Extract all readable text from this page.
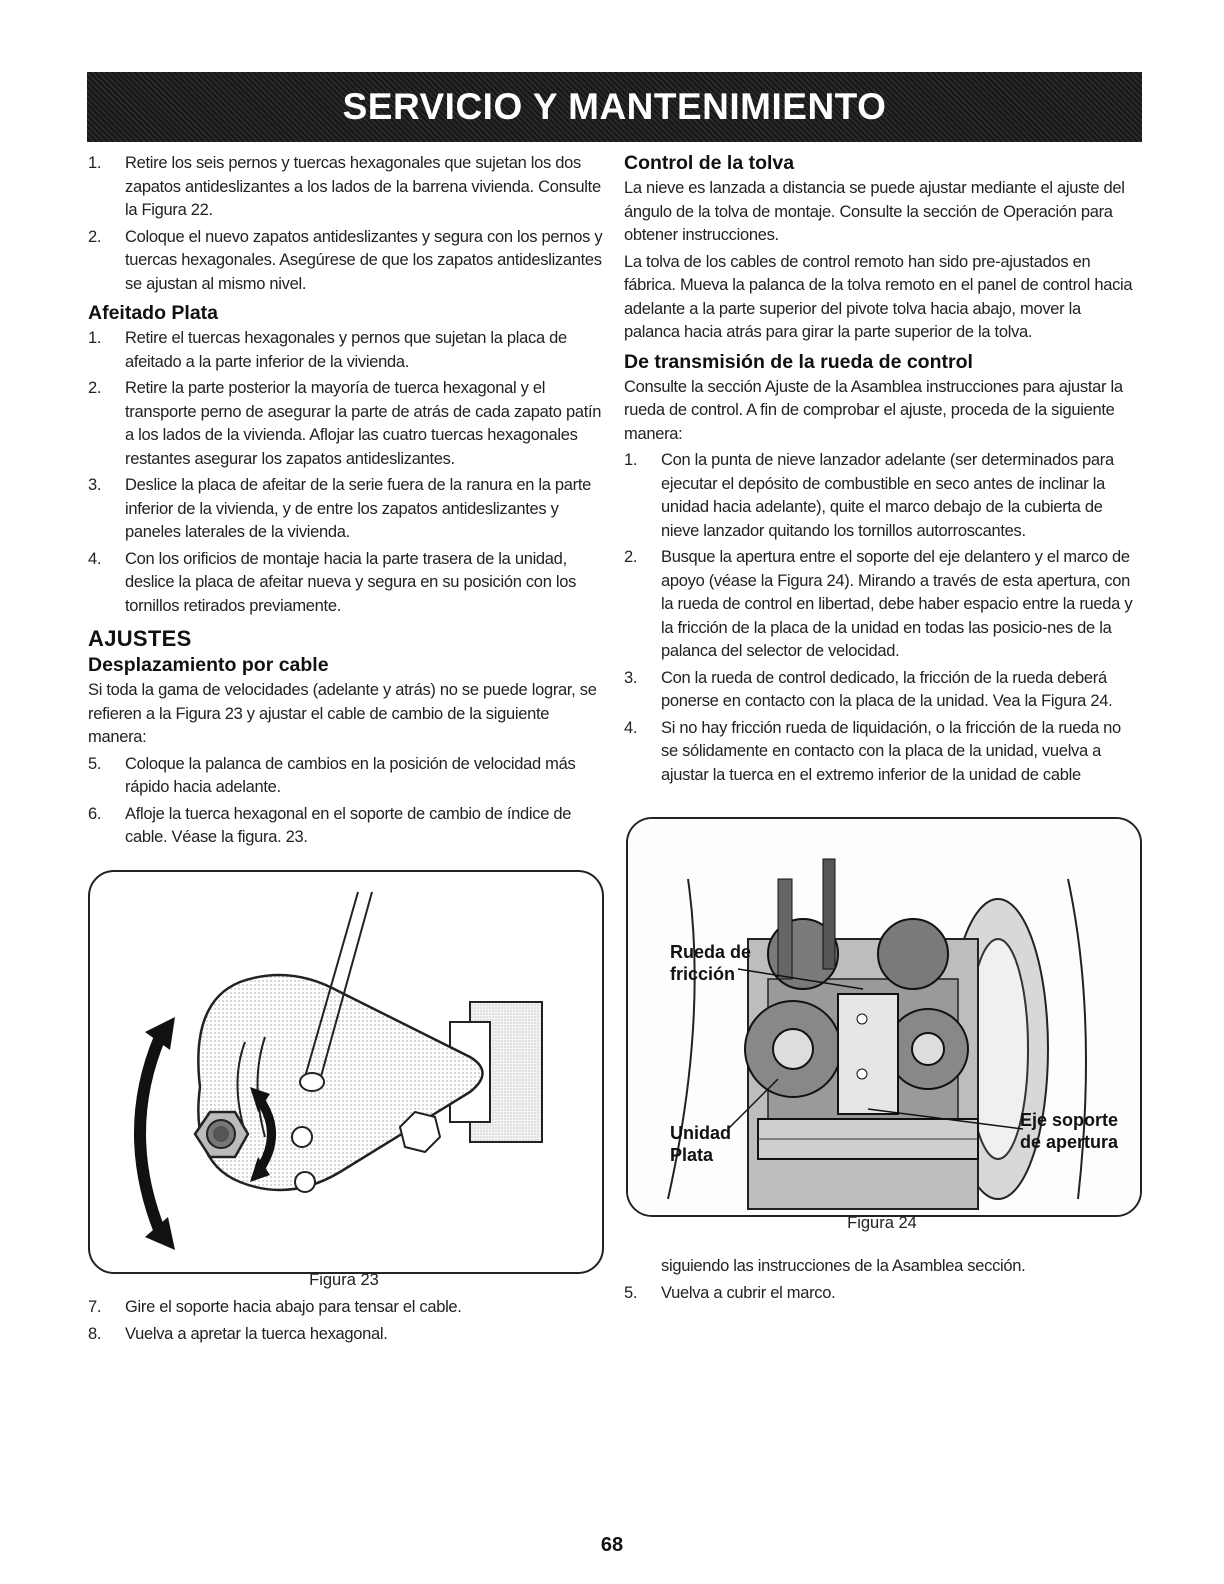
SERVICIO Y MANTENIMIENTO
1. Retire los seis pernos y tuercas hexagonales que sujetan los dos zapatos antideslizantes a los lados de la barrena vivienda. Consulte la Figura 22.
2. Coloque el nuevo zapatos antideslizantes y segura con los pernos y tuercas hexagonales. Asegúrese de que los zapatos antideslizantes se ajustan al mismo nivel.
Afeitado Plata
1. Retire el tuercas hexagonales y pernos que sujetan la placa de afeitado a la parte inferior de la vivienda.
2. Retire la parte posterior la mayoría de tuerca hexagonal y el transporte perno de asegurar la parte de atrás de cada zapato patín a los lados de la vivienda. Aflojar las cuatro tuercas hexagonales restantes asegurar los zapatos antideslizantes.
3. Deslice la placa de afeitar de la serie fuera de la ranura en la parte inferior de la vivienda, y de entre los zapatos antideslizantes y paneles laterales de la vivienda.
4. Con los orificios de montaje hacia la parte trasera de la unidad, deslice la placa de afeitar nueva y segura en su posición con los tornillos retirados previamente.
AJUSTES
Desplazamiento por cable

Si toda la gama de velocidades (adelante y atrás) no se puede lograr, se refieren a la Figura 23 y ajustar el cable de cambio de la siguiente manera:

5. Coloque la palanca de cambios en la posición de velocidad más rápido hacia adelante.
6. Afloje la tuerca hexagonal en el soporte de cambio de índice de cable. Véase la figura. 23.
Figura 23
7. Gire el soporte hacia abajo para tensar el cable.
8. Vuelva a apretar la tuerca hexagonal.
Control de la tolva

La nieve es lanzada a distancia se puede ajustar mediante el ajuste del ángulo de la tolva de montaje. Consulte la sección de Operación para obtener instrucciones.

La tolva de los cables de control remoto han sido pre-ajustados en fábrica. Mueva la palanca de la tolva remoto en el panel de control hacia adelante a la parte superior del pivote tolva hacia abajo, mover la palanca hacia atrás para girar la parte superior de la tolva.

De transmisión de la rueda de control

Consulte la sección Ajuste de la Asamblea instrucciones para ajustar la rueda de control. A fin de comprobar el ajuste, proceda de la siguiente manera:

1. Con la punta de nieve lanzador adelante (ser determinados para ejecutar el depósito de combustible en seco antes de inclinar la unidad hacia adelante), quite el marco debajo de la cubierta de nieve lanzador quitando los tornillos autorroscantes.
2. Busque la apertura entre el soporte del eje delantero y el marco de apoyo (véase la Figura 24). Mirando a través de esta apertura, con la rueda de control en libertad, debe haber espacio entre la rueda y la fricción de la placa de la unidad en todas las posicio-nes de la palanca del selector de velocidad.
3. Con la rueda de control dedicado, la fricción de la rueda deberá ponerse en contacto con la placa de la unidad. Vea la Figura 24.
4. Si no hay fricción rueda de liquidación, o la fricción de la rueda no se sólidamente en contacto con la placa de la unidad, vuelva a ajustar la tuerca en el extremo inferior de la unidad de cable
Rueda de
fricción
Unidad
Plata
Eje soporte
de apertura
Figura 24

siguiendo las instrucciones de la Asamblea sección.

5. Vuelva a cubrir el marco.
68
